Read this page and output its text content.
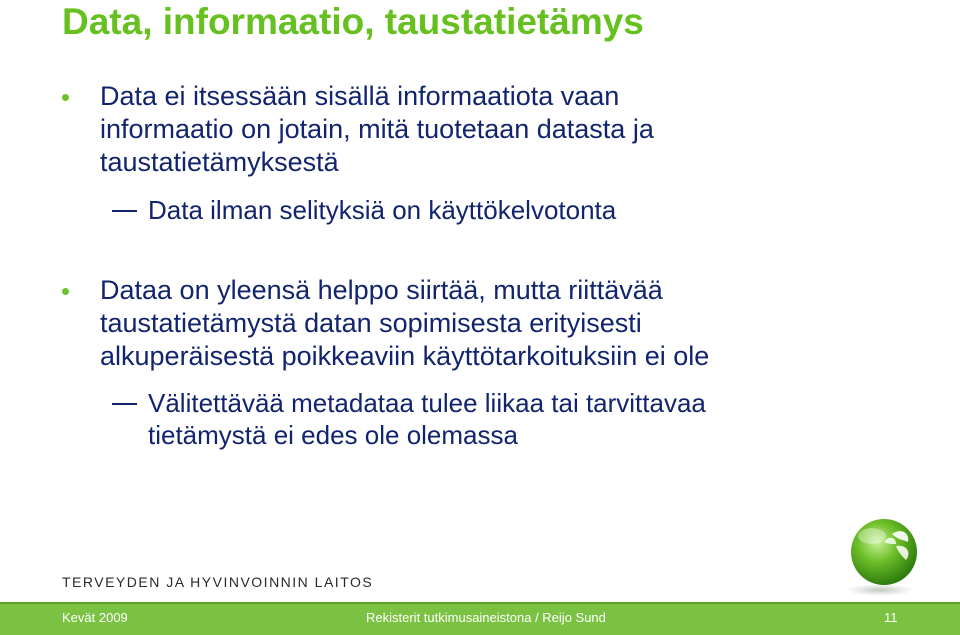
Data, informaatio, taustatietämys
Data ei itsessään sisällä informaatiota vaan
informaatio on jotain, mitä tuotetaan datasta ja
taustatietämyksestä
Data ilman selityksiä on käyttökelvotonta
Dataa on yleensä helppo siirtää, mutta riittävää
taustatietämystä datan sopimisesta erityisesti
alkuperäisestä poikkeaviin käyttötarkoituksiin ei ole
Välitettävää metadataa tulee liikaa tai tarvittavaa
tietämystä ei edes ole olemassa
TERVEYDEN JA HYVINVOINNIN LAITOS
Kevät 2009	Rekisterit tutkimusaineistona / Reijo Sund	11
